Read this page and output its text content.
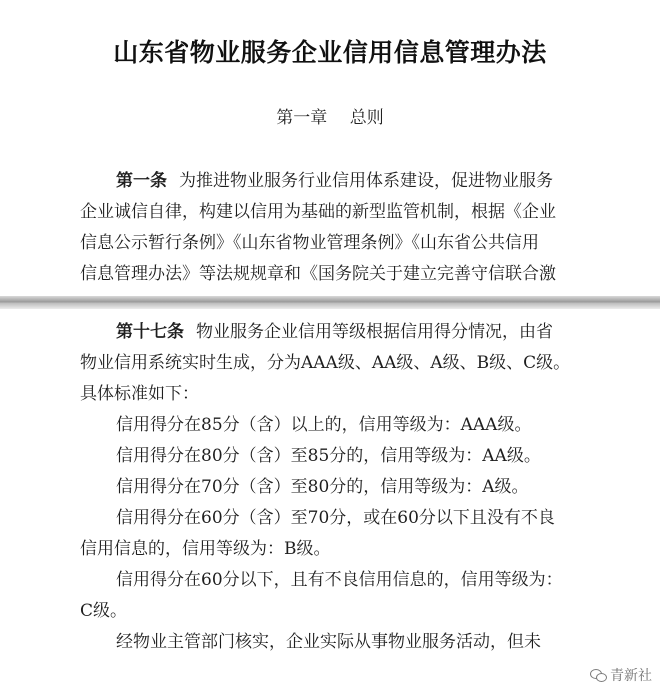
山东省物业服务企业信用信息管理办法

第一章　 总则

第一条 为推进物业服务行业信用体系建设，促进物业服务
企业诚信自律，构建以信用为基础的新型监管机制，根据《企业
信息公示暂行条例》《山东省物业管理条例》《山东省公共信用
信息管理办法》等法规规章和《国务院关于建立完善守信联合激
第十七条 物业服务企业信用等级根据信用得分情况，由省
物业信用系统实时生成，分为AAA级、AA级、A级、B级、C级。
具体标准如下：
信用得分在85分（含）以上的，信用等级为：AAA级。
信用得分在80分（含）至85分的，信用等级为：AA级。
信用得分在70分（含）至80分的，信用等级为：A级。
信用得分在60分（含）至70分，或在60分以下且没有不良
信用信息的，信用等级为：B级。
信用得分在60分以下，且有不良信用信息的，信用等级为：
C级。
经物业主管部门核实，企业实际从事物业服务活动，但未
青新社
